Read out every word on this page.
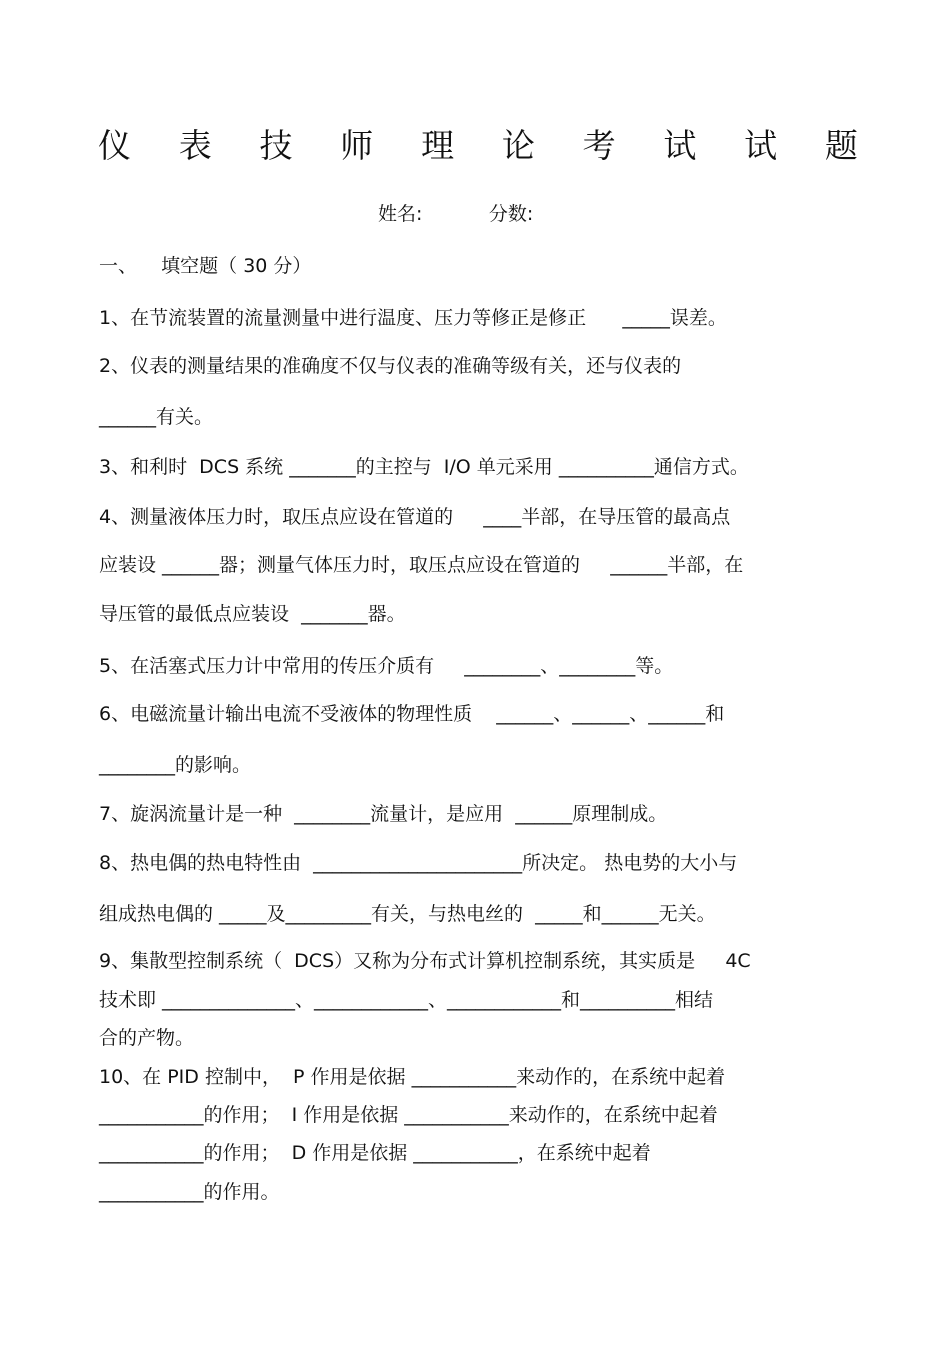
仪 表 技 师 理 论 考 试 试 题
姓名:	分数:
一、    填空题（ 30 分）
1、在节流装置的流量测量中进行温度、压力等修正是修正      _____误差。
2、仪表的测量结果的准确度不仅与仪表的准确等级有关，还与仪表的
______有关。
3、和利时  DCS 系统 _______的主控与  I/O 单元采用 __________通信方式。
4、测量液体压力时，取压点应设在管道的     ____半部，在导压管的最高点
应装设 ______器；测量气体压力时，取压点应设在管道的     ______半部，在
导压管的最低点应装设  _______器。
5、在活塞式压力计中常用的传压介质有     ________、________等。
6、电磁流量计输出电流不受液体的物理性质    ______、______、______和
________的影响。
7、旋涡流量计是一种  ________流量计，是应用  ______原理制成。
8、热电偶的热电特性由  ______________________所决定。 热电势的大小与
组成热电偶的 _____及_________有关，与热电丝的  _____和______无关。
9、集散型控制系统（  DCS）又称为分布式计算机控制系统，其实质是     4C
技术即 ______________、____________、____________和__________相结
合的产物。
10、在 PID 控制中，  P 作用是依据 ___________来动作的，在系统中起着
___________的作用；  I 作用是依据 ___________来动作的，在系统中起着
___________的作用；  D 作用是依据 ___________，在系统中起着
___________的作用。
